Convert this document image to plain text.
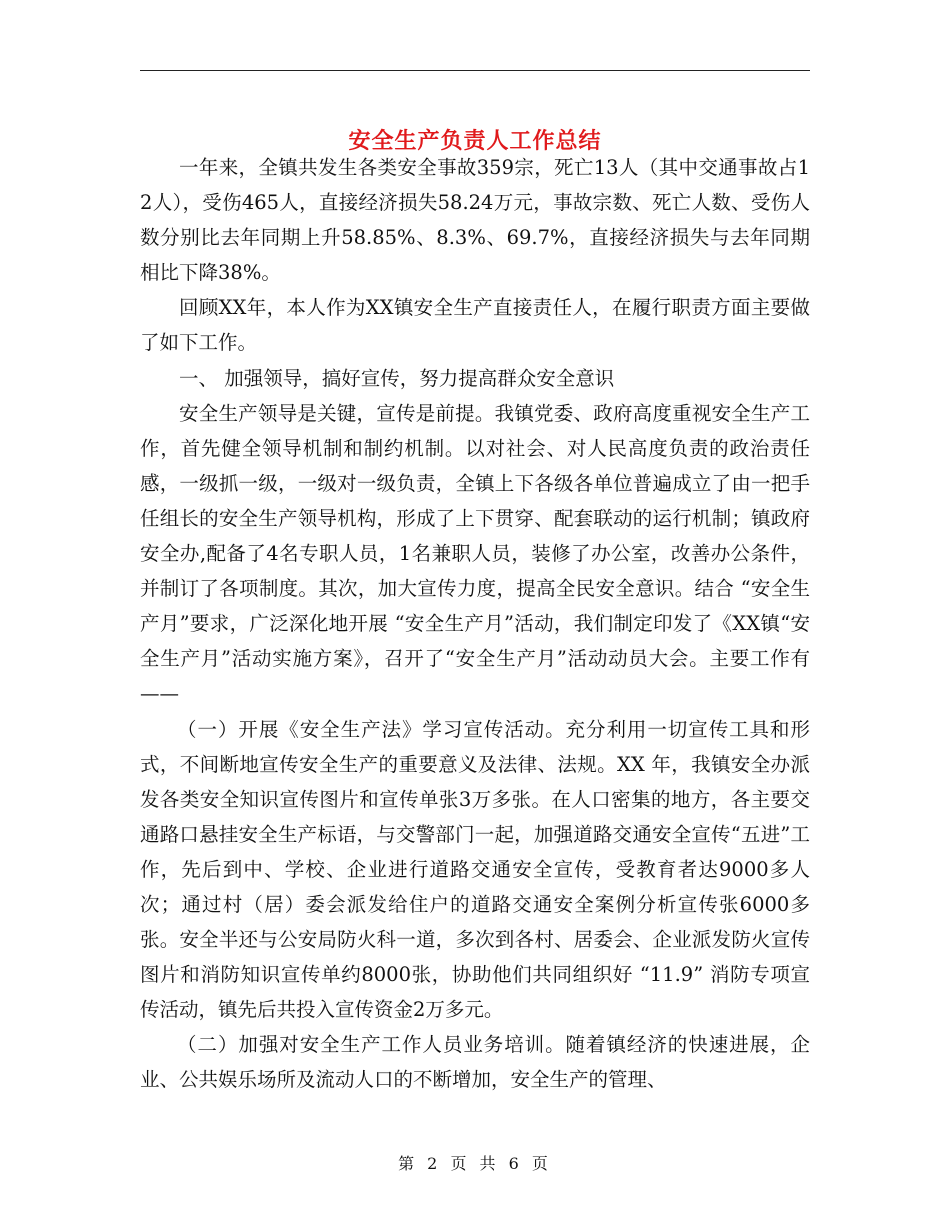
安全生产负责人工作总结

一年来，全镇共发生各类安全事故359宗，死亡13人（其中交通事故占12人），受伤465人，直接经济损失58.24万元，事故宗数、死亡人数、受伤人数分别比去年同期上升58.85%、8.3%、69.7%，直接经济损失与去年同期相比下降38%。

回顾XX年，本人作为XX镇安全生产直接责任人，在履行职责方面主要做了如下工作。

一、 加强领导，搞好宣传，努力提高群众安全意识

安全生产领导是关键，宣传是前提。我镇党委、政府高度重视安全生产工作，首先健全领导机制和制约机制。以对社会、对人民高度负责的政治责任感，一级抓一级，一级对一级负责，全镇上下各级各单位普遍成立了由一把手任组长的安全生产领导机构，形成了上下贯穿、配套联动的运行机制；镇政府安全办,配备了4名专职人员，1名兼职人员，装修了办公室，改善办公条件，并制订了各项制度。其次，加大宣传力度，提高全民安全意识。结合 “安全生产月”要求，广泛深化地开展 “安全生产月”活动，我们制定印发了《XX镇“安全生产月”活动实施方案》，召开了“安全生产月”活动动员大会。主要工作有——

（一）开展《安全生产法》学习宣传活动。充分利用一切宣传工具和形式，不间断地宣传安全生产的重要意义及法律、法规。XX 年，我镇安全办派发各类安全知识宣传图片和宣传单张3万多张。在人口密集的地方，各主要交通路口悬挂安全生产标语，与交警部门一起，加强道路交通安全宣传“五进”工作，先后到中、学校、企业进行道路交通安全宣传，受教育者达9000多人次；通过村（居）委会派发给住户的道路交通安全案例分析宣传张6000多张。安全半还与公安局防火科一道，多次到各村、居委会、企业派发防火宣传图片和消防知识宣传单约8000张，协助他们共同组织好 “11.9” 消防专项宣传活动，镇先后共投入宣传资金2万多元。

（二）加强对安全生产工作人员业务培训。随着镇经济的快速进展，企业、公共娱乐场所及流动人口的不断增加，安全生产的管理、

第 2 页 共 6 页
